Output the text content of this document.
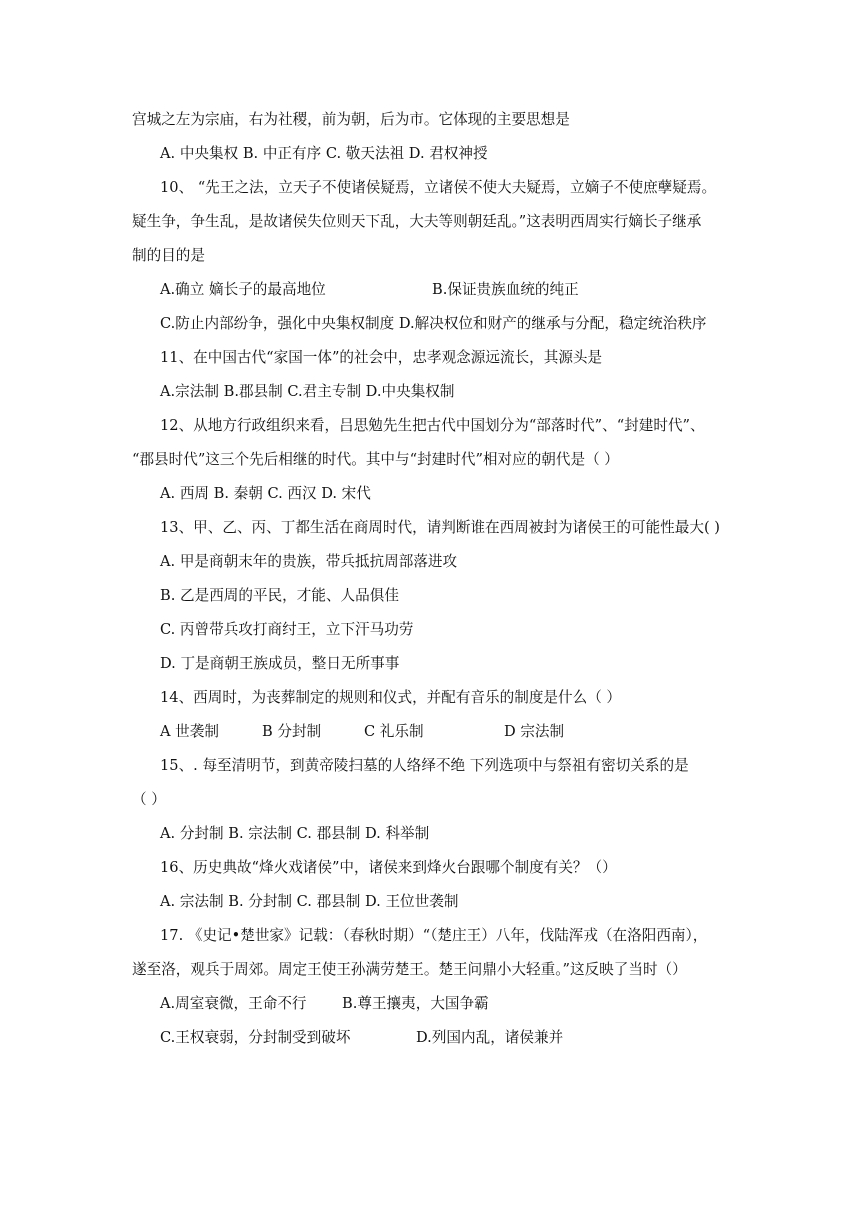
宫城之左为宗庙，右为社稷，前为朝，后为市。它体现的主要思想是
A. 中央集权 B. 中正有序 C. 敬天法祖 D. 君权神授
10、 “先王之法，立天子不使诸侯疑焉，立诸侯不使大夫疑焉，立嫡子不使庶孽疑焉。
疑生争，争生乱，是故诸侯失位则天下乱，大夫等则朝廷乱。”这表明西周实行嫡长子继承
制的目的是
A.确立 嫡长子的最高地位	B.保证贵族血统的纯正
C.防止内部纷争，强化中央集权制度 D.解决权位和财产的继承与分配，稳定统治秩序
11、在中国古代“家国一体”的社会中，忠孝观念源远流长，其源头是
A.宗法制 B.郡县制 C.君主专制 D.中央集权制
12、从地方行政组织来看，吕思勉先生把古代中国划分为“部落时代”、“封建时代”、
“郡县时代”这三个先后相继的时代。其中与“封建时代”相对应的朝代是（ ）
A. 西周 B. 秦朝 C. 西汉 D. 宋代
13、甲、乙、丙、丁都生活在商周时代，请判断谁在西周被封为诸侯王的可能性最大( )
A. 甲是商朝末年的贵族，带兵抵抗周部落进攻
B. 乙是西周的平民，才能、人品俱佳
C. 丙曾带兵攻打商纣王，立下汗马功劳
D. 丁是商朝王族成员，整日无所事事
14、西周时，为丧葬制定的规则和仪式，并配有音乐的制度是什么（ ）
A 世袭制	B 分封制	C 礼乐制	D 宗法制
15、. 每至清明节，到黄帝陵扫墓的人络绎不绝 下列选项中与祭祖有密切关系的是
（ ）
A. 分封制 B. 宗法制 C. 郡县制 D. 科举制
16、历史典故“烽火戏诸侯”中，诸侯来到烽火台跟哪个制度有关？（）
A. 宗法制 B. 分封制 C. 郡县制 D. 王位世袭制
17. 《史记•楚世家》记载：（春秋时期）“（楚庄王）八年，伐陆浑戎（在洛阳西南），
遂至洛，观兵于周郊。周定王使王孙满劳楚王。楚王问鼎小大轻重。”这反映了当时（）
A.周室衰微，王命不行 B.尊王攘夷，大国争霸
C.王权衰弱，分封制受到破坏	D.列国内乱，诸侯兼并
